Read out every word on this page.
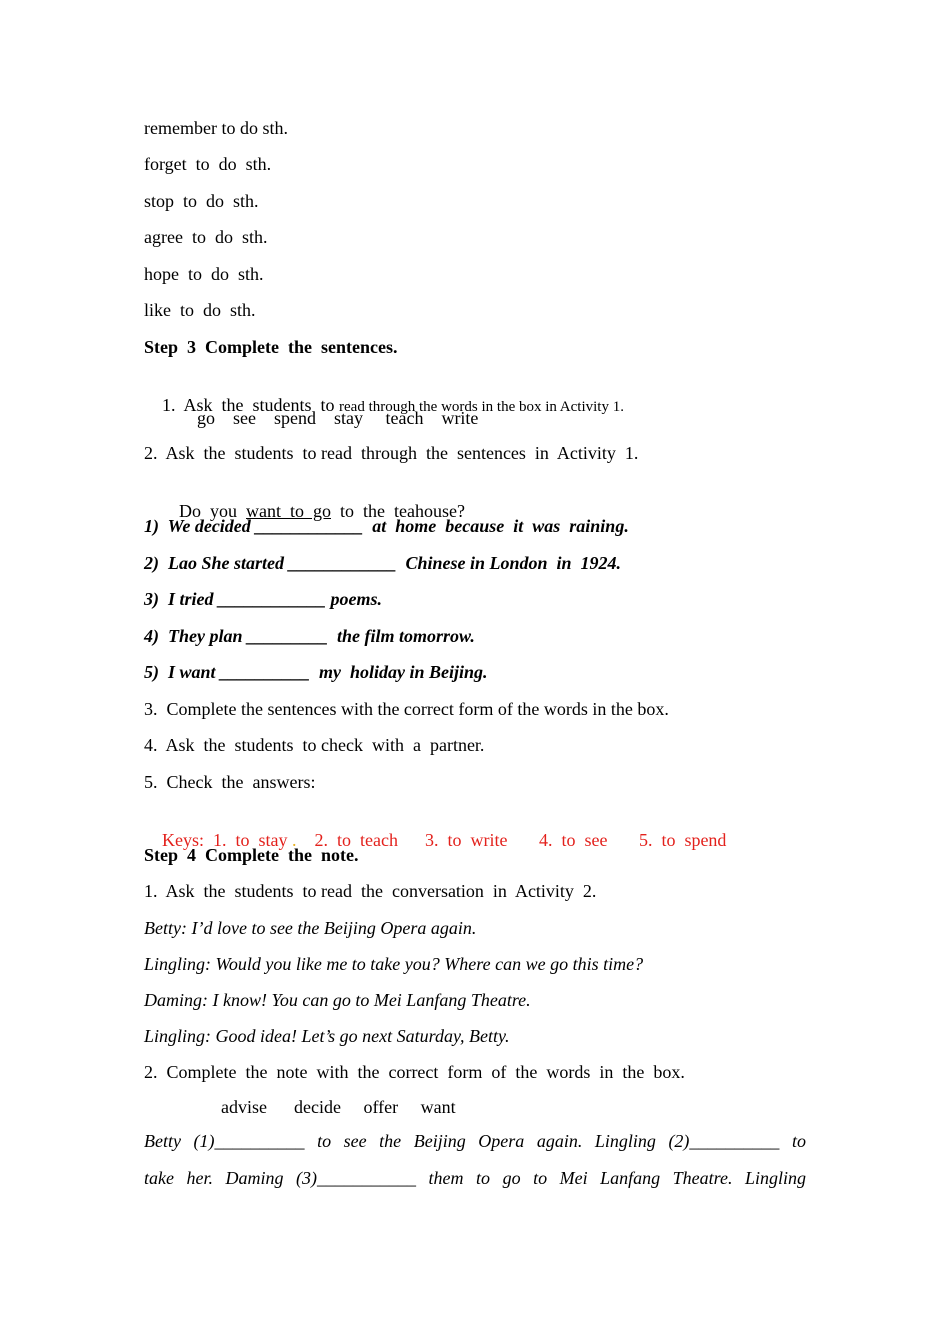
remember to do sth.
forget  to  do  sth.
stop  to  do  sth.
agree  to  do  sth.
hope  to  do  sth.
like  to  do  sth.
Step  3  Complete  the  sentences.

1.  Ask  the  students  to read through the words in the box in Activity 1.

go    see    spend    stay     teach    write
2.  Ask  the  students  to read  through  the  sentences  in  Activity  1.

Do  you  want  to  go  to  the  teahouse?

1)  We decided ____________  at  home  because  it  was  raining.
2)  Lao She started ____________  Chinese in London  in  1924.
3)  I tried ____________ poems.
4)  They plan _________  the film tomorrow.
5)  I want __________  my  holiday in Beijing.
3.  Complete the sentences with the correct form of the words in the box.
4.  Ask  the  students  to check  with  a  partner.
5.  Check  the  answers:

Keys:  1.  to  stay .    2.  to  teach      3.  to  write       4.  to  see       5.  to  spend

Step  4  Complete  the  note.
1.  Ask  the  students  to read  the  conversation  in  Activity  2.
Betty: I’d love to see the Beijing Opera again.
Lingling: Would you like me to take you? Where can we go this time?
Daming: I know! You can go to Mei Lanfang Theatre.
Lingling: Good idea! Let’s go next Saturday, Betty.
2.  Complete  the  note  with  the  correct  form  of  the  words  in  the  box.
advise      decide     offer     want
Betty (1)__________ to see the Beijing Opera again. Lingling (2)__________ to
take her. Daming (3)___________ them to go to Mei Lanfang Theatre. Lingling
